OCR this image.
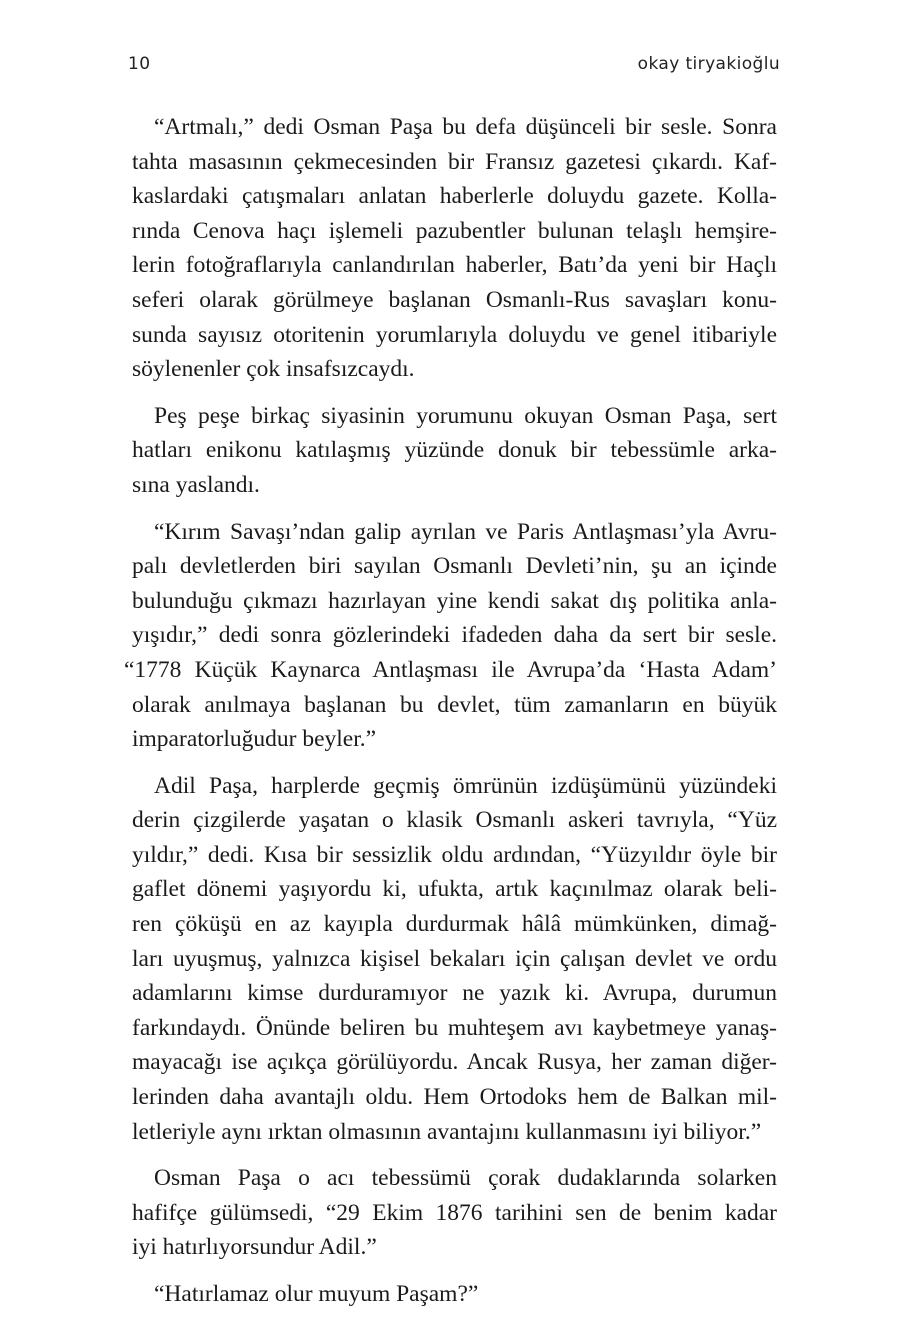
10	okay tiryakioğlu
“Artmalı,” dedi Osman Paşa bu defa düşünceli bir sesle. Sonra
tahta masasının çekmecesinden bir Fransız gazetesi çıkardı. Kaf-
kaslardaki çatışmaları anlatan haberlerle doluydu gazete. Kolla-
rında Cenova haçı işlemeli pazubentler bulunan telaşlı hemşire-
lerin fotoğraflarıyla canlandırılan haberler, Batı’da yeni bir Haçlı
seferi olarak görülmeye başlanan Osmanlı-Rus savaşları konu-
sunda sayısız otoritenin yorumlarıyla doluydu ve genel itibariyle
söylenenler çok insafsızcaydı.
Peş peşe birkaç siyasinin yorumunu okuyan Osman Paşa, sert
hatları enikonu katılaşmış yüzünde donuk bir tebessümle arka-
sına yaslandı.
“Kırım Savaşı’ndan galip ayrılan ve Paris Antlaşması’yla Avru-
palı devletlerden biri sayılan Osmanlı Devleti’nin, şu an içinde
bulunduğu çıkmazı hazırlayan yine kendi sakat dış politika anla-
yışıdır,” dedi sonra gözlerindeki ifadeden daha da sert bir sesle.
“1778 Küçük Kaynarca Antlaşması ile Avrupa’da ‘Hasta Adam’
olarak anılmaya başlanan bu devlet, tüm zamanların en büyük
imparatorluğudur beyler.”
Adil Paşa, harplerde geçmiş ömrünün izdüşümünü yüzündeki
derin çizgilerde yaşatan o klasik Osmanlı askeri tavrıyla, “Yüz
yıldır,” dedi. Kısa bir sessizlik oldu ardından, “Yüzyıldır öyle bir
gaflet dönemi yaşıyordu ki, ufukta, artık kaçınılmaz olarak beli-
ren çöküşü en az kayıpla durdurmak hâlâ mümkünken, dimağ-
ları uyuşmuş, yalnızca kişisel bekaları için çalışan devlet ve ordu
adamlarını kimse durduramıyor ne yazık ki. Avrupa, durumun
farkındaydı. Önünde beliren bu muhteşem avı kaybetmeye yanaş-
mayacağı ise açıkça görülüyordu. Ancak Rusya, her zaman diğer-
lerinden daha avantajlı oldu. Hem Ortodoks hem de Balkan mil-
letleriyle aynı ırktan olmasının avantajını kullanmasını iyi biliyor.”
Osman Paşa o acı tebessümü çorak dudaklarında solarken
hafifçe gülümsedi, “29 Ekim 1876 tarihini sen de benim kadar
iyi hatırlıyorsundur Adil.”
“Hatırlamaz olur muyum Paşam?”
